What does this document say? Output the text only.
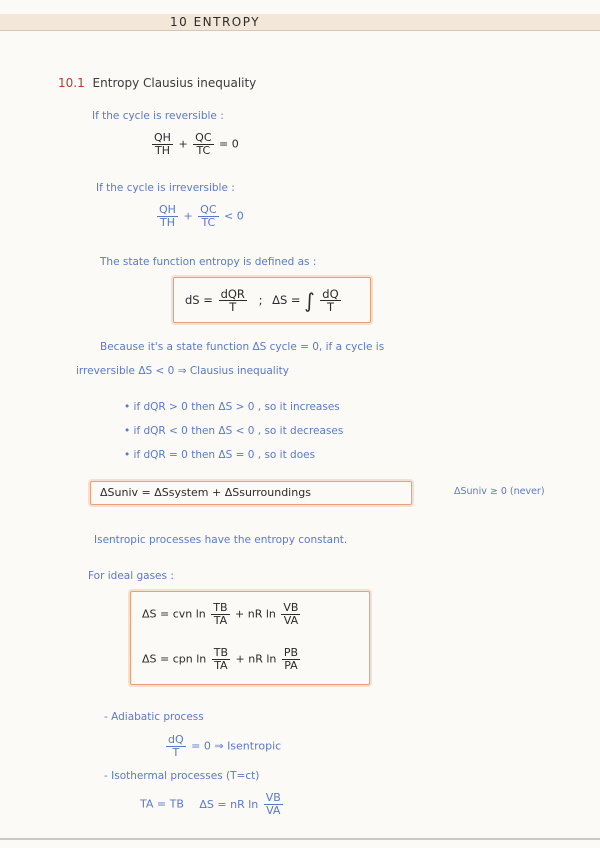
10 ENTROPY
10.1 Entropy Clausius inequality
If the cycle is reversible :
$\frac{QH}{TH} + \frac{QC}{TC} = 0$
If the cycle is irreversible :
$\frac{QH}{TH} + \frac{QC}{TC} < 0$
The state function entropy is defined as :
dS = $\frac{\text{dQR}}{T}$ ; ΔS = ∫ $\frac{dQ}{T}$
Because it's a state function ΔS cycle = 0, if a cycle is
irreversible ΔS < 0 ⇒ Clausius inequality
• if dQR > 0 then ΔS > 0 , so it increases
• if dQR < 0 then ΔS < 0 , so it decreases
• if dQR = 0 then ΔS = 0 , so it does
ΔSuniv = ΔSsystem + ΔSsurroundings	ΔSuniv ≥ 0 (never)
Isentropic processes have the entropy constant.
For ideal gases :
ΔS = cvn $\ln \frac{TB}{TA}$ + nR $\ln \frac{VB}{VA}$
ΔS = cpn $\ln \frac{TB}{TA}$ + nR $\ln \frac{PB}{PA}$
- Adiabatic process
$\frac{dQ}{T} = 0$ ⇒ Isentropic
- Isothermal processes (T=ct)
TA = TB ΔS = nR $\ln \frac{VB}{VA}$
